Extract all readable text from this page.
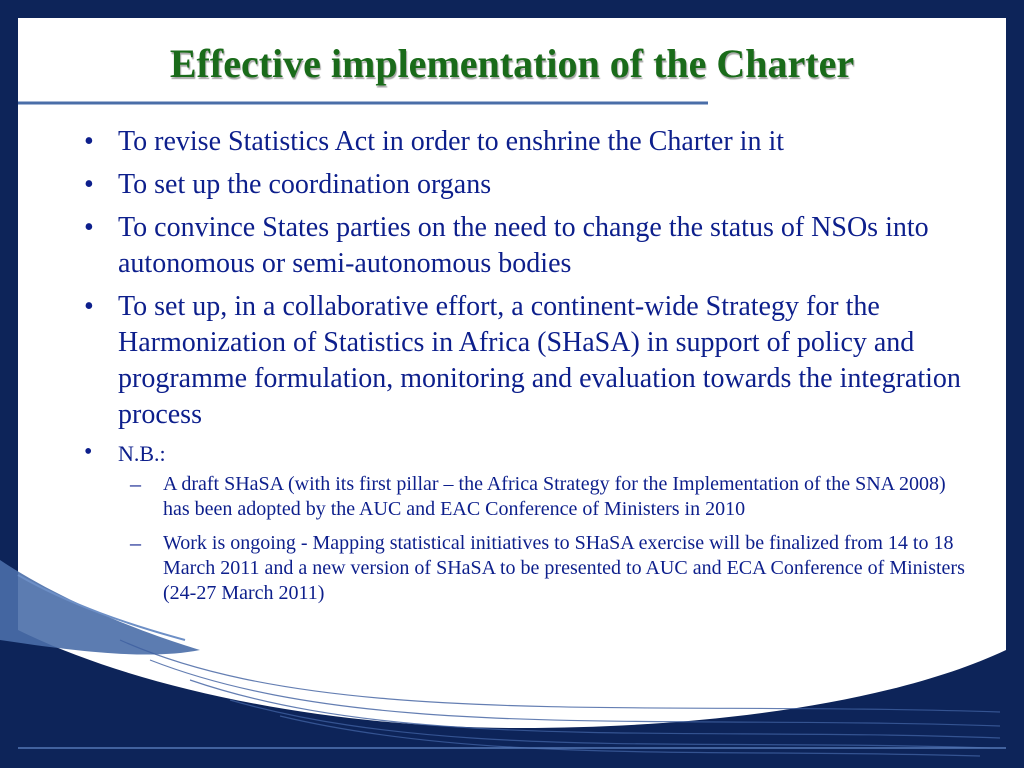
Effective implementation of the Charter
• To revise Statistics Act in order to enshrine the Charter in it
• To set up the coordination organs
• To convince States parties on the need to change the status of NSOs into autonomous or semi-autonomous bodies
• To set up, in a collaborative effort, a continent-wide Strategy for the Harmonization of Statistics in Africa (SHaSA) in support of policy and programme formulation, monitoring and evaluation towards the integration process
• N.B.:
– A draft SHaSA (with its first pillar – the Africa Strategy for the Implementation of the SNA 2008) has been adopted by the AUC and EAC Conference of Ministers in 2010
– Work is ongoing - Mapping statistical initiatives to SHaSA exercise will be finalized from 14 to 18 March 2011 and a new version of SHaSA to be presented to AUC and ECA Conference of Ministers (24-27 March 2011)
